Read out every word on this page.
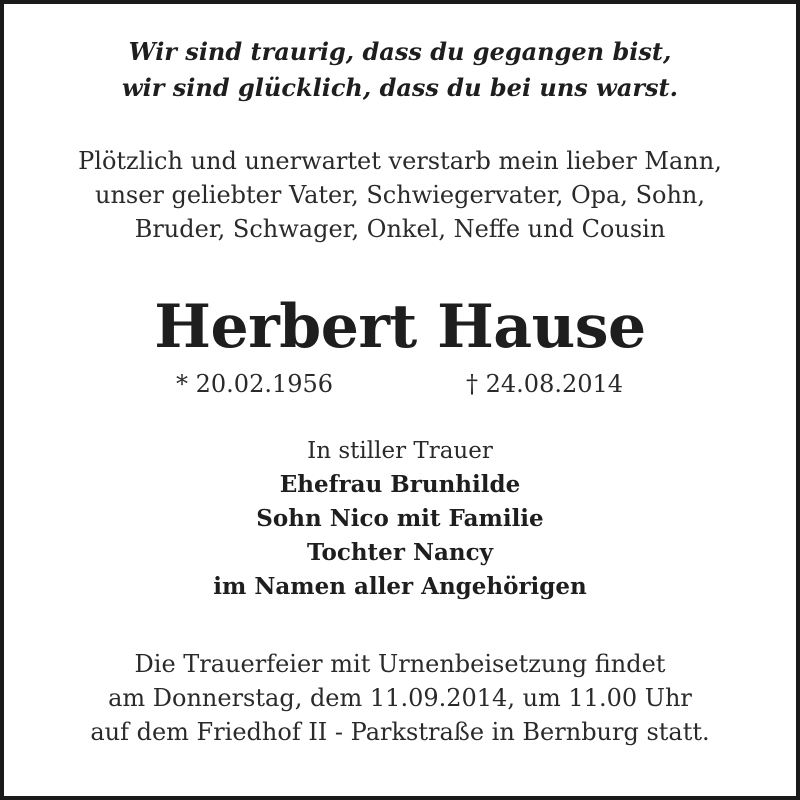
Wir sind traurig, dass du gegangen bist,
wir sind glücklich, dass du bei uns warst.
Plötzlich und unerwartet verstarb mein lieber Mann,
unser geliebter Vater, Schwiegervater, Opa, Sohn,
Bruder, Schwager, Onkel, Neffe und Cousin
Herbert Hause
* 20.02.1956	† 24.08.2014
In stiller Trauer
Ehefrau Brunhilde
Sohn Nico mit Familie
Tochter Nancy
im Namen aller Angehörigen
Die Trauerfeier mit Urnenbeisetzung findet
am Donnerstag, dem 11.09.2014, um 11.00 Uhr
auf dem Friedhof II - Parkstraße in Bernburg statt.
